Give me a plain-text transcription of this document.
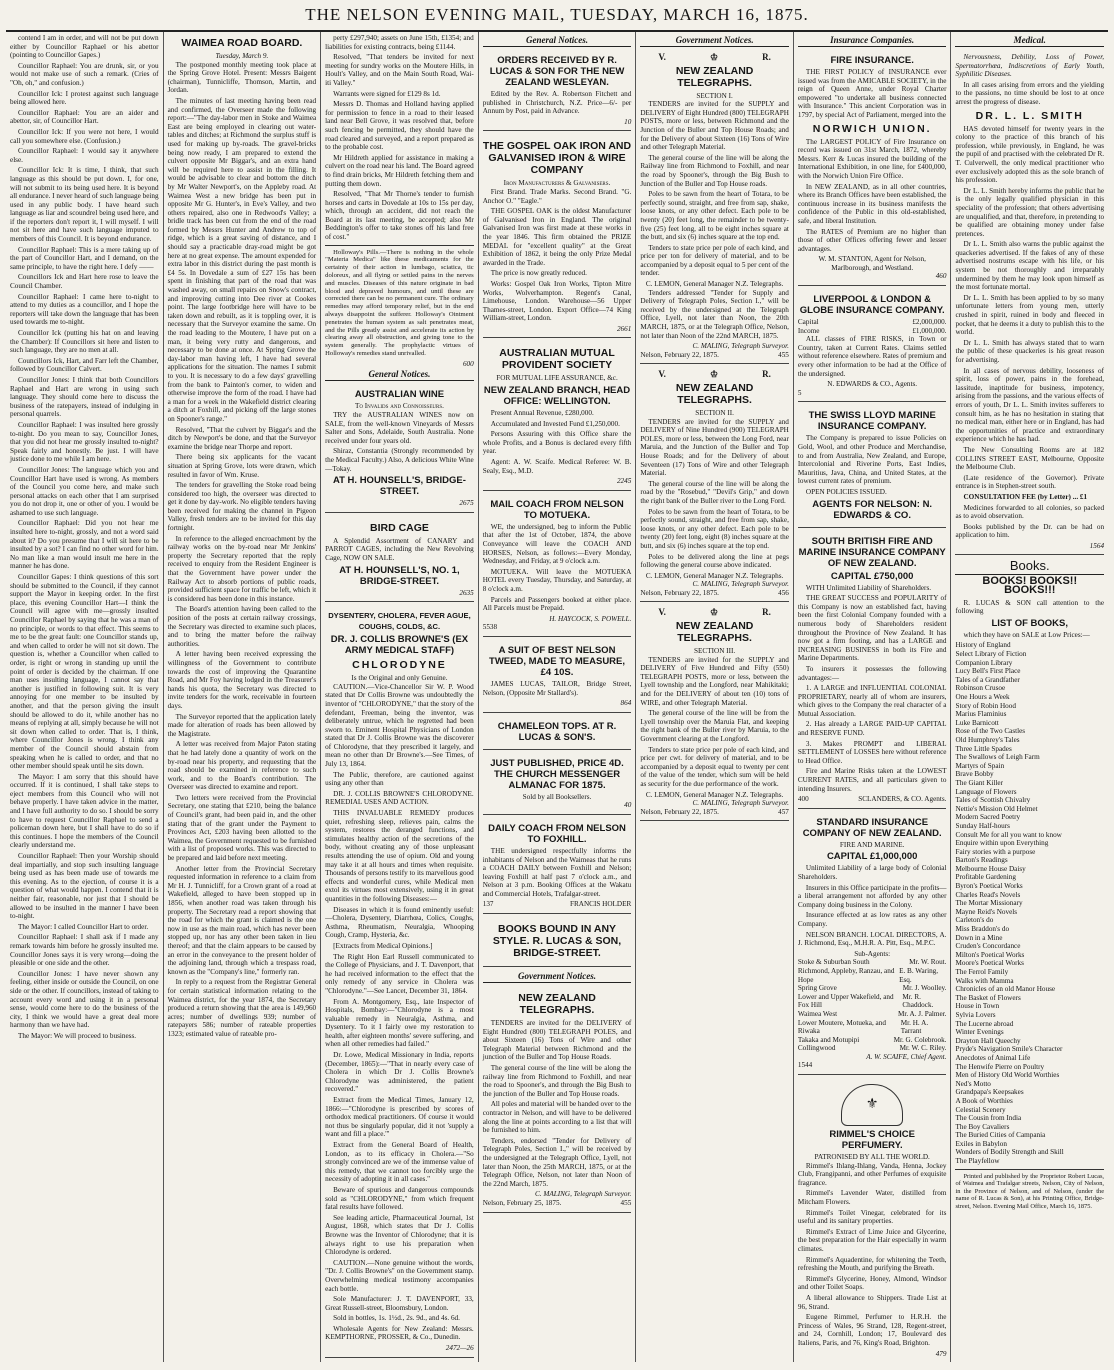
THE NELSON EVENING MAIL, TUESDAY, MARCH 16, 1875.

contend I am in order, and will not be put down either by Councillor Raphael or his abettor (pointing to Councillor Gapes.)

Councillor Raphael: You are drunk, sir, or you would not make use of such a remark. (Cries of "Oh, oh," and confusion.)

Councillor Ick: I protest against such language being allowed here.

Councillor Raphael: You are an aider and abettor, sir, of Councillor Hart.

Councillor Ick: If you were not here, I would call you somewhere else. (Confusion.)

Councillor Raphael: I would say it anywhere else.

Councillor Ick: It is time, I think, that such language as this should be put down. I, for one, will not submit to its being used here. It is beyond all endurance. I never heard of such language being used in any public body. I have heard such language as liar and scoundrel being used here, and if the reporters don't report it, I will myself. I will not sit here and have such language imputed to members of this Council. It is beyond endurance.

Councillor Raphael: This is a mere taking up of the part of Councillor Hart, and I demand, on the same principle, to have the right here. I defy ——

Councillors Ick and Hart here rose to leave the Council Chamber.

Councillor Raphael: I came here to-night to attend to my duties as a councillor, and I hope the reporters will take down the language that has been used towards me to-night.

Councillor Ick (putting his hat on and leaving the Chamber): If Councillors sit here and listen to such language, they are no men at all.

Councillors Ick, Hart, and Farr left the Chamber, followed by Councillor Calvert.

Councillor Jones: I think that both Councillors Raphael and Hart are wrong in using such language. They should come here to discuss the business of the ratepayers, instead of indulging in personal quarrels.

Councillor Raphael: I was insulted here grossly to-night. Do you mean to say, Councillor Jones, that you did not hear me grossly insulted to-night? Speak fairly and honestly. Be just. I will have justice done to me while I am here.

Councillor Jones: The language which you and Councillor Hart have used is wrong. As members of the Council you come here, and make such personal attacks on each other that I am surprised you do not drop it, one or other of you. I would be ashamed to use such language.

Councillor Raphael: Did you not hear me insulted here to-night, grossly, and not a word said about it? Do you presume that I will sit here to be insulted by a sot? I can find no other word for him. No man like a man would insult me here in the manner he has done.

Councillor Gapes: I think questions of this sort should be submitted to the Council, if they cannot support the Mayor in keeping order. In the first place, this evening Councillor Hart—I think the Council will agree with me—grossly insulted Councillor Raphael by saying that he was a man of no principle, or words to that effect. This seems to me to be the great fault: one Councillor stands up, and when called to order he will not sit down. The question is, whether a Councillor when called to order, is right or wrong in standing up until the point of order is decided by the chairman. If one man uses insulting language, I cannot say that another is justified in following suit. It is very annoying for one member to be insulted by another, and that the person giving the insult should be allowed to do it, while another has no means of replying at all, simply because he will not sit down when called to order. That is, I think, where Councillor Jones is wrong. I think any member of the Council should abstain from speaking when he is called to order, and that no other member should speak until he sits down.

The Mayor: I am sorry that this should have occurred. If it is continued, I shall take steps to eject members from this Council who will not behave properly. I have taken advice in the matter, and I have full authority to do so. I should be sorry to have to request Councillor Raphael to send a policeman down here, but I shall have to do so if this continues. I hope the members of the Council clearly understand me.

Councillor Raphael: Then your Worship should deal impartially, and stop such insulting language being used as has been made use of towards me this evening. As to the ejection, of course it is a question of what would happen. I contend that it is neither fair, reasonable, nor just that I should be allowed to be insulted in the manner I have been to-night.

The Mayor: I called Councillor Hart to order.

Councillor Raphael: I shall ask if I made any remark towards him before he grossly insulted me. Councillor Jones says it is very wrong—doing the pleasible or one side and the other.

Councillor Jones: I have never shown any feeling, either inside or outside the Council, on one side or the other. If councillors, instead of taking to account every word and using it in a personal sense, would come here to do the business of the city, I think we would have a great deal more harmony than we have had.

The Mayor: We will proceed to business.

WAIMEA ROAD BOARD.
Tuesday, March 9.

The postponed monthly meeting took place at the Spring Grove Hotel. Present: Messrs Baigent (chairman), Tunnicliffe, Thomson, Martin, and Jordan.

The minutes of last meeting having been read and confirmed, the Overseer made the following report:—"The day-labor men in Stoke and Waimea East are being employed in clearing out water-tables and ditches; at Richmond the surplus stuff is used for making up by-roads. The gravel-bricks being now ready, I am prepared to extend the culvert opposite Mr Biggar's, and an extra hand will be required here to assist in the filling. It would be advisable to clear and bottom the ditch by Mr Walter Newport's, on the Appleby road. At Waimea West a new bridge has been put in opposite Mr G. Hunter's, in Eve's Valley, and two others repaired, also one in Redwood's Valley; a bridle track has been cut from the end of the road formed by Messrs Hunter and Andrew to top of ridge, which is a great saving of distance, and I should say a practicable dray-road might be got here at no great expense. The amount expended for extra labor in this district during the past month is £4 5s. In Dovedale a sum of £27 15s has been spent in finishing that part of the road that was washed away, on small repairs on Snow's contract, and improving cutting into Dee river at Cookes point. The large footbridge here will have to be taken down and rebuilt, as it is toppling over, it is necessary that the Surveyor examine the same. On the road leading to the Moutere, I have put on a man, it being very rutty and dangerous, and necessary to be done at once. At Spring Grove the day-labor man having left, I have had several applications for the situation. The names I submit to you. It is necessary to do a few days' gravelling from the bank to Painton's corner, to widen and otherwise improve the form of the road. I have had a man for a week in the Wakefield district clearing a ditch at Foxhill, and picking off the large stones on Spooner's range."

Resolved, "That the culvert by Biggar's and the ditch by Newport's be done, and that the Surveyor examine the bridge near Thorpe and report.

There being six applicants for the vacant situation at Spring Grove, lots were drawn, which resulted in favor of Wm. Kruse.

The tenders for gravelling the Stoke road being considered too high, the overseer was directed to get it done by day-work. No eligible tenders having been received for making the channel in Pigeon Valley, fresh tenders are to be invited for this day fortnight.

In reference to the alleged encroachment by the railway works on the by-road near Mr Jenkins' property the Secretary reported that the reply received to enquiry from the Resident Engineer is that the Government have power under the Railway Act to absorb portions of public roads, provided sufficient space for traffic be left, which it is considered has been done in this instance.

The Board's attention having been called to the position of the posts at certain railway crossings, the Secretary was directed to examine such places, and to bring the matter before the railway authorities.

A letter having been received expressing the willingness of the Government to contribute towards the cost of improving the Quarantine Road, and Mr Foy having lodged in the Treasurer's hands his quota, the Secretary was directed to invite tenders for the work, receivable in fourteen days.

The Surveyor reported that the application lately made for alteration of roads has been allowed by the Magistrate.

A letter was received from Major Paton stating that he had lately done a quantity of work on the by-road near his property, and requesting that the road should be examined in reference to such work, and to the Board's contribution. The Overseer was directed to examine and report.

Two letters were received from the Provincial Secretary, one stating that £210, being the balance of Council's grant, had been paid in, and the other stating that of the grant under the Payment to Provinces Act, £203 having been allotted to the Waimea, the Government requested to be furnished with a list of proposed works. This was directed to be prepared and laid before next meeting.

Another letter from the Provincial Secretary requested information in reference to a claim from Mr H. J. Tunnicliff, for a Crown grant of a road at Wakefield, alleged to have been stopped up in 1856, when another road was taken through his property. The Secretary read a report showing that the road for which the grant is claimed is the one now in use as the main road, which has never been stopped up, nor has any other been taken in lieu thereof; and that the claim appears to be caused by an error in the conveyance to the present holder of the adjoining land, through which a trespass road, known as the "Company's line," formerly ran.

In reply to a request from the Registrar General for certain statistical information relating to the Waimea district, for the year 1874, the Secretary produced a return showing that the area is 149,960 acres; number of dwellings 939; number of ratepayers 586; number of rateable properties 1323; estimated value of rateable pro-

perty £297,940; assets on June 15th, £1354; and liabilities for existing contracts, being £1144.

Resolved, "That tenders be invited for next meeting for sundry works on the Moutere Hills, in Hoult's Valley, and on the Main South Road, Wai-iti Valley."

Warrants were signed for £129 8s 1d.

Messrs D. Thomas and Holland having applied for permission to fence in a road to their leased land near Bell Grove, it was resolved that, before such fencing be permitted, they should have the road cleared and surveyed, and a report prepared as to the probable cost.

Mr Hildreth applied for assistance in making a culvert on the road near his land. The Board agreed to find drain bricks, Mr Hildreth fetching them and putting them down.

Resolved, "That Mr Thorne's tender to furnish horses and carts in Dovedale at 10s to 15s per day, which, through an accident, did not reach the Board at its last meeting, be accepted; also Mr Beddington's offer to take stones off his land free of cost."

Holloway's Pills.—There is nothing in the whole "Materia Medica" like these medicaments for the certainty of their action in lumbago, sciatica, tic doloreux, and all flying or settled pains in the nerves and muscles. Diseases of this nature originate in bad blood and depraved humours, and until these are corrected there can be no permanent cure. The ordinary remedies may afford temporary relief, but in the end always disappoint the sufferer. Holloway's Ointment penetrates the human system as salt penetrates meat, and the Pills greatly assist and accelerate its action by clearing away all obstruction, and giving tone to the system generally. The prophylactic virtues of Holloway's remedies stand unrivalled.

600
General Notices.
AUSTRALIAN WINE
To Invalids and Connoisseurs.

TRY the AUSTRALIAN WINES now on SALE, from the well-known Vineyards of Messrs Salter and Sons, Adelaide, South Australia. None received under four years old.

Shiraz, Constantia (Strongly recommended by the Medical Faculty.) Also, A delicious White Wine—Tokay.

AT H. HOUNSELL'S, BRIDGE-STREET.
2675
BIRD CAGE

A Splendid Assortment of CANARY and PARROT CAGES, including the New Revolving Cage, NOW ON SALE.

AT H. HOUNSELL'S, NO. 1, BRIDGE-STREET.
2635
DYSENTERY, CHOLERA, FEVER AGUE, COUGHS, COLDS, &C.
DR. J. COLLIS BROWNE'S (EX ARMY MEDICAL STAFF)
CHLORODYNE
Is the Original and only Genuine.

CAUTION.—Vice-Chancellor Sir W. P. Wood stated that Dr Collis Browne was undoubtedly the inventor of "CHLORODYNE," that the story of the defendant, Freeman, being the inventor, was deliberately untrue, which he regretted had been sworn to. Eminent Hospital Physicians of London stated that Dr J. Collis Browne was the discoverer of Chlorodyne, that they prescribed it largely, and mean no other than Dr Browne's.—See Times, of July 13, 1864.

The Public, therefore, are cautioned against using any other than

DR. J. COLLIS BROWNE'S CHLORODYNE. REMEDIAL USES AND ACTION.

THIS INVALUABLE REMEDY produces quiet, refreshing sleep, relieves pain, calms the system, restores the deranged functions, and stimulates healthy action of the secretions of the body, without creating any of those unpleasant results attending the use of opium. Old and young may take it at all hours and times when requisite. Thousands of persons testify to its marvellous good effects and wonderful cures, while Medical men extol its virtues most extensively, using it in great quantities in the following Diseases:—

Diseases in which it is found eminently useful:—Cholera, Dysentery, Diarrhœa, Colics, Coughs, Asthma, Rheumatism, Neuralgia, Whooping Cough, Cramp, Hysteria, &c.

[Extracts from Medical Opinions.]

The Right Hon Earl Russell communicated to the College of Physicians, and J. T. Davenport, that he had received information to the effect that the only remedy of any service in Cholera was "Chlorodyne."—See Lancet, December 31, 1864.

From A. Montgomery, Esq., late Inspector of Hospitals, Bombay:—"Chlorodyne is a most valuable remedy in Neuralgia, Asthma, and Dysentery. To it I fairly owe my restoration to health, after eighteen months' severe suffering, and when all other remedies had failed."

Dr. Lowe, Medical Missionary in India, reports (December, 1865):—"That in nearly every case of Cholera in which Dr J. Collis Browne's Chlorodyne was administered, the patient recovered."

Extract from the Medical Times, January 12, 1866:—"Chlorodyne is prescribed by scores of orthodox medical practitioners. Of course it would not thus be singularly popular, did it not 'supply a want and fill a place.'"

Extract from the General Board of Health, London, as to its efficacy in Cholera.—"So strongly convinced are we of the immense value of this remedy, that we cannot too forcibly urge the necessity of adopting it in all cases."

Beware of spurious and dangerous compounds sold as "CHLORODYNE," from which frequent fatal results have followed.

See leading article, Pharmaceutical Journal, 1st August, 1868, which states that Dr J. Collis Browne was the Inventor of Chlorodyne; that it is always right to use his preparation when Chlorodyne is ordered.

CAUTION.—None genuine without the words, "Dr. J. Collis Browne's" on the Government stamp. Overwhelming medical testimony accompanies each bottle.

Sole Manufacturer: J. T. DAVENPORT, 33, Great Russell-street, Bloomsbury, London.

Sold in bottles, 1s. 1½d., 2s. 9d., and 4s. 6d.

Wholesale Agents for New Zealand: Messrs. KEMPTHORNE, PROSSER, & Co., Dunedin.

2472—26
General Notices.
ORDERS RECEIVED BY R. LUCAS & SON FOR THE NEW ZEALAND WESLEYAN.

Edited by the Rev. A. Robertson Fitchett and published in Christchurch, N.Z. Price—6/- per Annum by Post, paid in Advance.

10
THE GOSPEL OAK IRON AND GALVANISED IRON & WIRE COMPANY
Iron Manufacturers & Galvanisers.

First Brand. Trade Marks. Second Brand. "G. Anchor O." "Eagle."

THE GOSPEL OAK is the oldest Manufacturer of Galvanised Iron in England. The original Galvanised Iron was first made at these works in the year 1846. This firm obtained the PRIZE MEDAL for "excellent quality" at the Great Exhibition of 1862, it being the only Prize Medal awarded in the Trade.

The price is now greatly reduced.

Works: Gospel Oak Iron Works, Tipton Mitre Works, Wolverhampton. Regent's Canal, Limehouse, London. Warehouse—56 Upper Thames-street, London. Export Office—74 King William-street, London.

2661
AUSTRALIAN MUTUAL PROVIDENT SOCIETY
FOR MUTUAL LIFE ASSURANCE, &c.
NEW ZEALAND BRANCH, HEAD OFFICE: WELLINGTON.

Present Annual Revenue, £280,000.

Accumulated and Invested Fund £1,250,000.

Persons Assuring with this Office share the whole Profits, and a Bonus is declared every fifth year.

Agent: A. W. Scaife. Medical Referee: W. B. Sealy, Esq., M.D.

2245
MAIL COACH FROM NELSON TO MOTUEKA.

WE, the undersigned, beg to inform the Public that after the 1st of October, 1874, the above Conveyance will leave the COACH AND HORSES, Nelson, as follows:—Every Monday, Wednesday, and Friday, at 9 o'clock a.m.

MOTUEKA. Will leave the MOTUEKA HOTEL every Tuesday, Thursday, and Saturday, at 8 o'clock a.m.

Parcels and Passengers booked at either place. All Parcels must be Prepaid.

H. HAYCOCK, S. POWELL.
5538
A SUIT OF BEST NELSON TWEED, MADE TO MEASURE, £4 10S.

JAMES LUCAS, TAILOR, Bridge Street, Nelson, (Opposite Mr Stallard's).

864
CHAMELEON TOPS. AT R. LUCAS & SON'S.
JUST PUBLISHED, PRICE 4D. THE CHURCH MESSENGER ALMANAC FOR 1875.
Sold by all Booksellers.
40
DAILY COACH FROM NELSON TO FOXHILL.

THE undersigned respectfully informs the inhabitants of Nelson and the Waimeas that he runs a COACH DAILY between Foxhill and Nelson; leaving Foxhill at half past 7 o'clock a.m., and Nelson at 3 p.m. Booking Offices at the Wakatu and Commercial Hotels, Trafalgar-street.

137	FRANCIS HOLDER
BOOKS BOUND IN ANY STYLE. R. LUCAS & SON, BRIDGE-STREET.
Government Notices.
NEW ZEALAND TELEGRAPHS.

TENDERS are invited for the DELIVERY of Eight Hundred (800) TELEGRAPH POLES, and about Sixteen (16) Tons of Wire and other Telegraph Material between Richmond and the junction of the Buller and Top House Roads.

The general course of the line will be along the railway line from Richmond to Foxhill, and near the road to Spooner's, and through the Big Bush to the junction of the Buller and Top House roads.

All poles and material will be handed over to the contractor in Nelson, and will have to be delivered along the line at points according to a list that will be furnished to him.

Tenders, endorsed "Tender for Delivery of Telegraph Poles, Section I.," will be received by the undersigned at the Telegraph Office, Lyell, not later than Noon, the 25th MARCH, 1875, or at the Telegraph Office, Nelson, not later than Noon of the 22nd March, 1875.

C. MALING, Telegraph Surveyor.
Nelson, February 25, 1875.	455
Government Notices.
V.	♔	R.
NEW ZEALAND TELEGRAPHS.
SECTION I.

TENDERS are invited for the SUPPLY and DELIVERY of Eight Hundred (800) TELEGRAPH POSTS, more or less, between Richmond and the Junction of the Buller and Top House Roads; and for the Delivery of about Sixteen (16) Tons of Wire and other Telegraph Material.

The general course of the line will be along the Railway line from Richmond to Foxhill, and near the road by Spooner's, through the Big Bush to Junction of the Buller and Top House roads.

Poles to be sawn from the heart of Totara, to be perfectly sound, straight, and free from sap, shake, loose knots, or any other defect. Each pole to be twenty (20) feet long, the remainder to be twenty-five (25) feet long, all to be eight inches square at the butt, and six (6) inches square at the top end.

Tenders to state price per pole of each kind, and price per ton for delivery of material, and to be accompanied by a deposit equal to 5 per cent of the tender.

C. LEMON, General Manager N.Z. Telegraphs.

Tenders addressed "Tender for Supply and Delivery of Telegraph Poles, Section I.," will be received by the undersigned at the Telegraph Office, Lyell, not later than Noon, the 20th MARCH, 1875, or at the Telegraph Office, Nelson, not later than Noon of the 22nd MARCH, 1875.

C. MALING, Telegraph Surveyor.
Nelson, February 22, 1875.	455
V.	♔	R.
NEW ZEALAND TELEGRAPHS.
SECTION II.

TENDERS are invited for the SUPPLY and DELIVERY of Nine Hundred (900) TELEGRAPH POLES, more or less, between the Long Ford, near Maruia, and the Junction of the Buller and Top House Roads; and for the Delivery of about Seventeen (17) Tons of Wire and other Telegraph Material.

The general course of the line will be along the road by the "Rosebud," "Devil's Grip," and down the right bank of the Buller river to the Long Ford.

Poles to be sawn from the heart of Totara, to be perfectly sound, straight, and free from sap, shake, loose knots, or any other defect. Each pole to be twenty (20) feet long, eight (8) inches square at the butt, and six (6) inches square at the top end.

Poles to be delivered along the line at pegs following the general course above indicated.

C. LEMON, General Manager N.Z. Telegraphs.
C. MALING, Telegraph Surveyor.
Nelson, February 22, 1875.	456
V.	♔	R.
NEW ZEALAND TELEGRAPHS.
SECTION III.

TENDERS are invited for the SUPPLY and DELIVERY of Five Hundred and Fifty (550) TELEGRAPH POSTS, more or less, between the Lyell township and the Longford, near Mahikitaki; and for the DELIVERY of about ten (10) tons of WIRE, and other Telegraph Material.

The general course of the line will be from the Lyell township over the Maruia Flat, and keeping the right bank of the Buller river by Maruia, to the Government clearing at the Longford.

Tenders to state price per pole of each kind, and price per cwt. for delivery of material, and to be accompanied by a deposit equal to twenty per cent of the value of the tender, which sum will be held as security for the due performance of the work.

C. LEMON, General Manager N.Z. Telegraphs.
C. MALING, Telegraph Surveyor.
Nelson, February 22, 1875.	457
Insurance Companies.
FIRE INSURANCE.

THE FIRST POLICY of INSURANCE ever issued was from the AMICABLE SOCIETY, in the reign of Queen Anne, under Royal Charter empowered "to undertake all business connected with Insurance." This ancient Corporation was in 1797, by special Act of Parliament, merged into the

NORWICH UNION.

The LARGEST POLICY of Fire Insurance on record was issued on 31st March, 1872, whereby Messrs. Kerr & Lucas insured the building of the International Exhibition, in one line, for £400,000, with the Norwich Union Fire Office.

In NEW ZEALAND, as in all other countries, where its Branch Offices have been established, the continuous increase in its business manifests the confidence of the Public in this old-established, safe, and liberal Institution.

The RATES of Premium are no higher than those of other Offices offering fewer and lesser advantages.

W. M. STANTON, Agent for Nelson, Marlborough, and Westland.
460
LIVERPOOL & LONDON & GLOBE INSURANCE COMPANY.
Capital	£2,000,000.
Income	£1,000,000.

ALL classes of FIRE RISKS, in Town or Country, taken at Current Rates. Claims settled without reference elsewhere. Rates of premium and every other information to be had at the Office of the undersigned.

N. EDWARDS & CO., Agents.
5
THE SWISS LLOYD MARINE INSURANCE COMPANY.

The Company is prepared to issue Policies on Gold, Wool, and other Produce and Merchandise, to and from Australia, New Zealand, and Europe, Intercolonial and Riverine Ports, East Indies, Mauritius, Java, China, and United States, at the lowest current rates of premium.

OPEN POLICIES ISSUED.

AGENTS FOR NELSON: N. EDWARDS & CO.
SOUTH BRITISH FIRE AND MARINE INSURANCE COMPANY OF NEW ZEALAND.
CAPITAL £750,000

WITH Unlimited Liability of Shareholders.

THE GREAT SUCCESS and POPULARITY of this Company is now an established fact, having been the first Colonial Company founded with a numerous body of Shareholders resident throughout the Province of New Zealand. It has now got a firm footing, and has a LARGE and INCREASING BUSINESS in both its Fire and Marine Departments.

To insurers it possesses the following advantages:—

1. A LARGE and INFLUENTIAL COLONIAL PROPRIETARY, nearly all of whom are insurers, which gives to the Company the real character of a Mutual Association.

2. Has already a LARGE PAID-UP CAPITAL and RESERVE FUND.

3. Makes PROMPT and LIBERAL SETTLEMENT of LOSSES here without reference to Head Office.

Fire and Marine Risks taken at the LOWEST CURRENT RATES, and all particulars given to intending Insurers.

400	SCLANDERS, & CO. Agents.
STANDARD INSURANCE COMPANY OF NEW ZEALAND.
FIRE AND MARINE.
CAPITAL £1,000,000

Unlimited Liability of a large body of Colonial Shareholders.

Insurers in this Office participate in the profits—a liberal arrangement not afforded by any other Company doing business in the Colony.

Insurance effected at as low rates as any other Company.

NELSON BRANCH. LOCAL DIRECTORS, A. J. Richmond, Esq., M.H.R. A. Pitt, Esq., M.P.C.

Sub-Agents:
Stoke & Suburban South	Mr. W. Rout.
Richmond, Appleby, Ranzau, and Hope
E. B. Waring, Esq.
Spring Grove	Mr. J. Woolley.
Lower and Upper Wakefield, and Fox Hill
Mr. R. Chaddock.
Waimea West	Mr. A. J. Palmer.
Lower Moutere, Motueka, and Riwaka
Mr. H. A. Tarrant
Takaka and Motupipi	Mr. G. Colebrook.
Collingwood	Mr. W. C. Riley.
A. W. SCAIFE, Chief Agent.
1544
⚜
RIMMEL'S CHOICE PERFUMERY.
PATRONISED BY ALL THE WORLD.

Rimmel's Ihlang-Ihlang, Vanda, Henna, Jockey Club, Frangipanni, and other Perfumes of exquisite fragrance.

Rimmel's Lavender Water, distilled from Mitcham Flowers.

Rimmel's Toilet Vinegar, celebrated for its useful and its sanitary properties.

Rimmel's Extract of Lime Juice and Glycerine, the best preparation for the Hair especially in warm climates.

Rimmel's Aquadentine, for whitening the Teeth, refreshing the Mouth, and purifying the Breath.

Rimmel's Glycerine, Honey, Almond, Windsor and other Toilet Soaps.

A liberal allowance to Shippers. Trade List at 96, Strand.

Eugene Rimmel, Perfumer to H.R.H. the Princess of Wales, 96 Strand, 128, Regent-street, and 24, Cornhill, London; 17, Boulevard des Italiens, Paris, and 76, King's Road, Brighton.

479
Medical.

Nervousness, Debility, Loss of Power, Spermatorrhœa, Indiscretions of Early Youth, Syphilitic Diseases.

In all cases arising from errors and the yielding to the passions, no time should be lost to at once arrest the progress of disease.

DR. L. L. SMITH

HAS devoted himself for twenty years in the colony to the practice of this branch of his profession, while previously, in England, he was the pupil of and practised with the celebrated Dr R. T. Culverwell, the only medical practitioner who ever exclusively adopted this as the sole branch of his profession.

Dr L. L. Smith hereby informs the public that he is the only legally qualified physician in this speciality of the profession; that others advertising are unqualified, and that, therefore, in pretending to be qualified are obtaining money under false pretences.

Dr L. L. Smith also warns the public against the quackeries advertised. If the fakes of any of these advertised nostrums escape with his life, or his system be not thoroughly and irreparably undermined by them he may look upon himself as the most fortunate mortal.

Dr L. L. Smith has been applied to by so many unfortunate letters from young men, utterly crushed in spirit, ruined in body and fleeced in pocket, that he deems it a duty to publish this to the world.

Dr L. L. Smith has always stated that to warn the public of these quackeries is his great reason for advertising.

In all cases of nervous debility, looseness of spirit, loss of power, pains in the forehead, lassitude, inaptitude for business, impotency, arising from the passions, and the various effects of errors of youth, Dr L. L. Smith invites sufferers to consult him, as he has no hesitation in stating that no medical man, either here or in England, has had the opportunities of practice and extraordinary experience which he has had.

The New Consulting Rooms are at 182 COLLINS STREET EAST, Melbourne, Opposite the Melbourne Club.

(Late residence of the Governor). Private entrance is in Stephen-street south.

CONSULTATION FEE (by Letter) ... £1

Medicines forwarded to all colonies, so packed as to avoid observation.

Books published by the Dr. can be had on application to him.

1564
Books.
BOOKS! BOOKS!! BOOKS!!!

R. LUCAS & SON call attention to the following

LIST OF BOOKS,

which they have on SALE at Low Prices:—

History of England
Select Library of Fiction
Companion Library
Lucy Bell's First Place
Tales of a Grandfather
Robinson Crusoe
One Hours a Week
Story of Robin Hood
Marius Flaminius
Luke Barnicott
Rose of the Two Castles
Old Humphrey's Tales
Three Little Spades
The Swallows of Leigh Farm
Martyrs of Spain
Brave Bobby
The Giant Killer
Language of Flowers
Tales of Scottish Chivalry
Nettie's Mission Old Helmet
Modern Sacred Poetry
Sunday Half-hours
Consult Me for all you want to know
Enquire within upon Everything
Fairy stories with a purpose
Barton's Readings
Melbourne House Daisy
Profitable Gardening
Byron's Poetical Works
Charles Read's Novels
The Mortar Missionary
Mayne Reid's Novels
Carleton's do
Miss Braddon's do
Down in a Mine
Cruden's Concordance
Milton's Poetical Works
Moore's Poetical Works
The Ferrol Family
Walks with Mamma
Chronicles of an old Manor House
The Basket of Flowers
House in Town
Sylvia Lovers
The Lucerne abroad
Winter Evenings
Drayton Hall Queechy
Pryde's Navigation Smile's Character
Anecdotes of Animal Life
The Henwife Pierre on Poultry
Men of History Old World Worthies
Ned's Motto
Grandpapa's Keepsakes
A Book of Worthies
Celestial Scenery
The Cousin from India
The Boy Cavaliers
The Buried Cities of Campania
Exiles in Babylon
Wonders of Bodily Strength and Skill
The Playfellow

Printed and published by the Proprietor Robert Lucas, of Waimea and Trafalgar streets, Nelson, City of Nelson, in the Province of Nelson, and of Nelson, (under the name of R. Lucas & Son), at his Printing Office, Bridge-street, Nelson. Evening Mail Office, March 16, 1875.
